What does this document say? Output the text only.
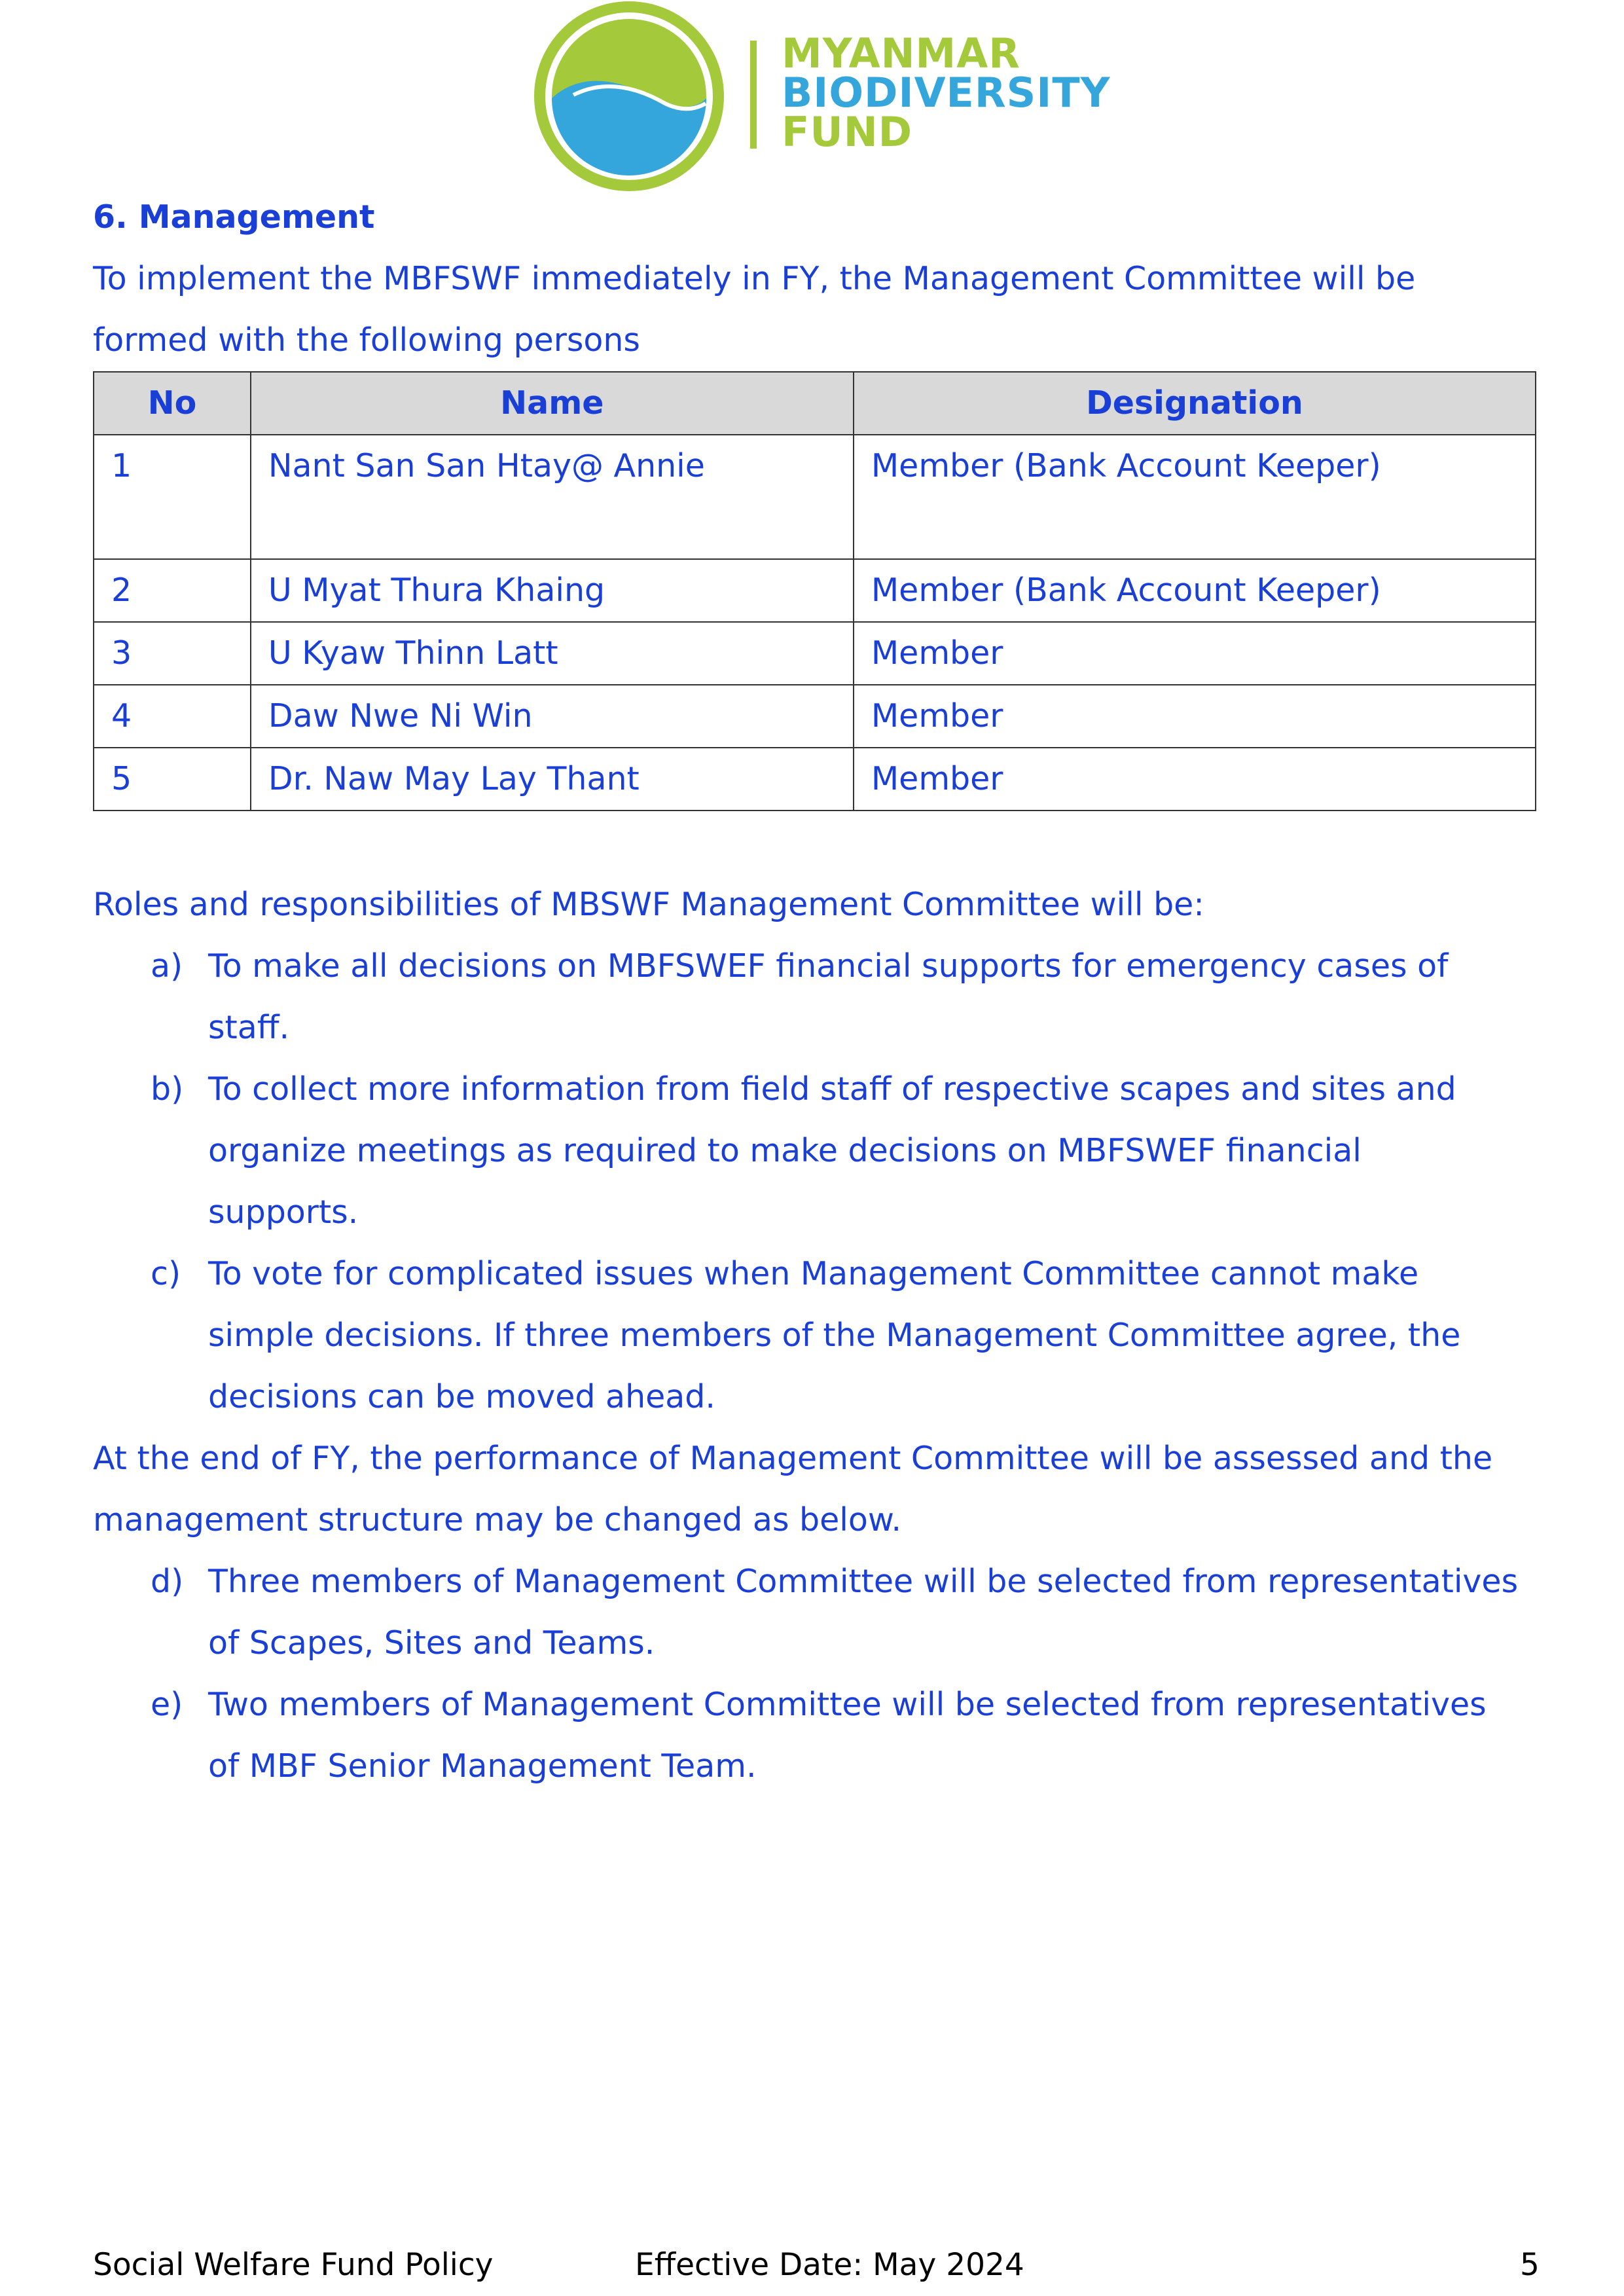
MYANMAR
BIODIVERSITY
FUND

6. Management

To implement the MBFSWF immediately in FY, the Management Committee will be

formed with the following persons

No	Name	Designation
1	Nant San San Htay@ Annie	Member (Bank Account Keeper)
2	U Myat Thura Khaing	Member (Bank Account Keeper)
3	U Kyaw Thinn Latt	Member
4	Daw Nwe Ni Win	Member
5	Dr. Naw May Lay Thant	Member

Roles and responsibilities of MBSWF Management Committee will be:

a) To make all decisions on MBFSWEF financial supports for emergency cases of
staff.
b) To collect more information from field staff of respective scapes and sites and
organize meetings as required to make decisions on MBFSWEF financial
supports.
c) To vote for complicated issues when Management Committee cannot make
simple decisions. If three members of the Management Committee agree, the
decisions can be moved ahead.

At the end of FY, the performance of Management Committee will be assessed and the

management structure may be changed as below.

d) Three members of Management Committee will be selected from representatives
of Scapes, Sites and Teams.
e) Two members of Management Committee will be selected from representatives
of MBF Senior Management Team.
Social Welfare Fund Policy	Effective Date: May 2024	5
